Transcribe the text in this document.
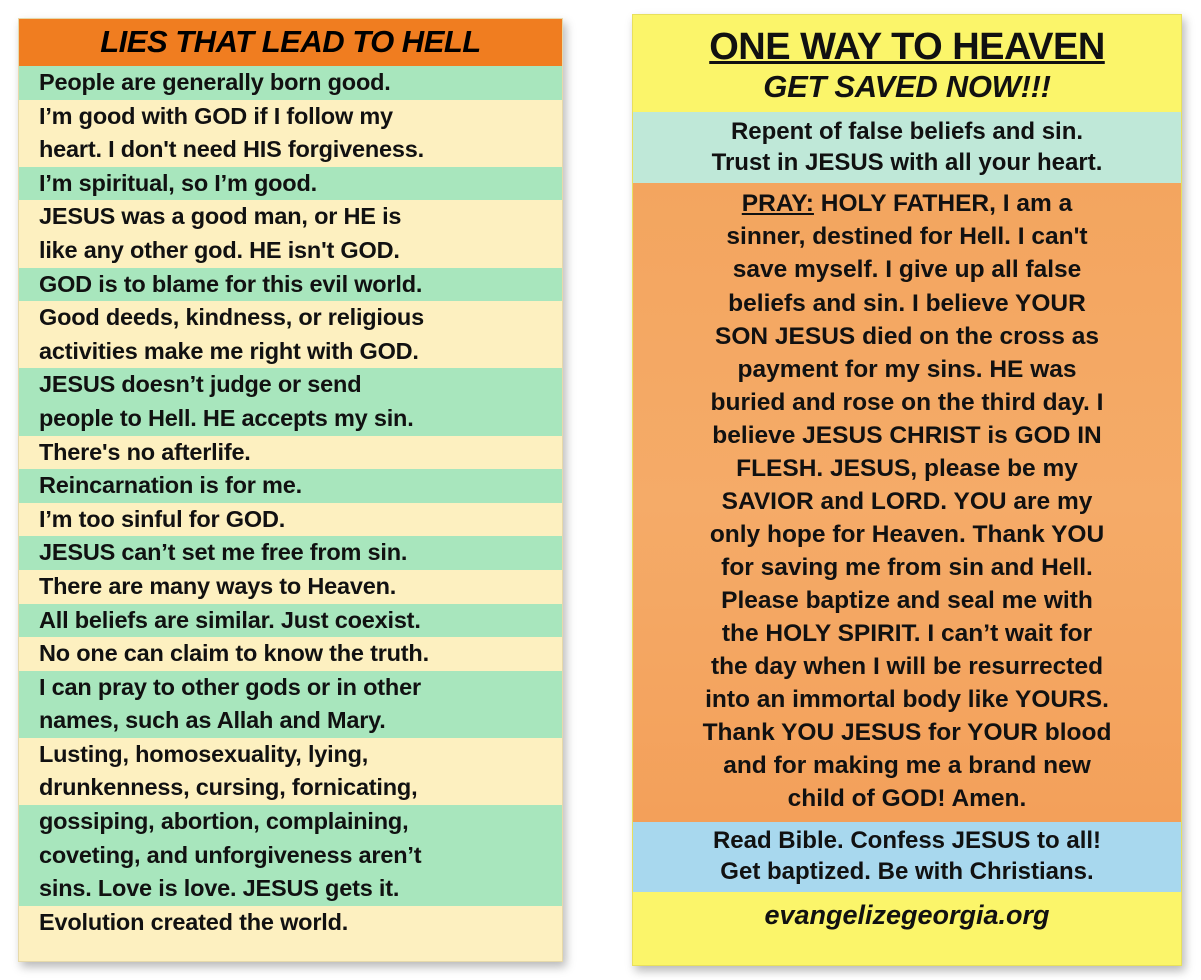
LIES THAT LEAD TO HELL
People are generally born good.
I’m good with GOD if I follow my
heart. I don't need HIS forgiveness.
I’m spiritual, so I’m good.
JESUS was a good man, or HE is
like any other god. HE isn't GOD.
GOD is to blame for this evil world.
Good deeds, kindness, or religious
activities make me right with GOD.
JESUS doesn’t judge or send
people to Hell. HE accepts my sin.
There's no afterlife.
Reincarnation is for me.
I’m too sinful for GOD.
JESUS can’t set me free from sin.
There are many ways to Heaven.
All beliefs are similar. Just coexist.
No one can claim to know the truth.
I can pray to other gods or in other
names, such as Allah and Mary.
Lusting, homosexuality, lying,
drunkenness, cursing, fornicating,
gossiping, abortion, complaining,
coveting, and unforgiveness aren’t
sins. Love is love. JESUS gets it.
Evolution created the world.
ONE WAY TO HEAVEN
GET SAVED NOW!!!
Repent of false beliefs and sin.
Trust in JESUS with all your heart.
PRAY: HOLY FATHER, I am a
sinner, destined for Hell. I can't
save myself. I give up all false
beliefs and sin. I believe YOUR
SON JESUS died on the cross as
payment for my sins. HE was
buried and rose on the third day. I
believe JESUS CHRIST is GOD IN
FLESH. JESUS, please be my
SAVIOR and LORD. YOU are my
only hope for Heaven. Thank YOU
for saving me from sin and Hell.
Please baptize and seal me with
the HOLY SPIRIT. I can’t wait for
the day when I will be resurrected
into an immortal body like YOURS.
Thank YOU JESUS for YOUR blood
and for making me a brand new
child of GOD! Amen.
Read Bible. Confess JESUS to all!
Get baptized. Be with Christians.
evangelizegeorgia.org
